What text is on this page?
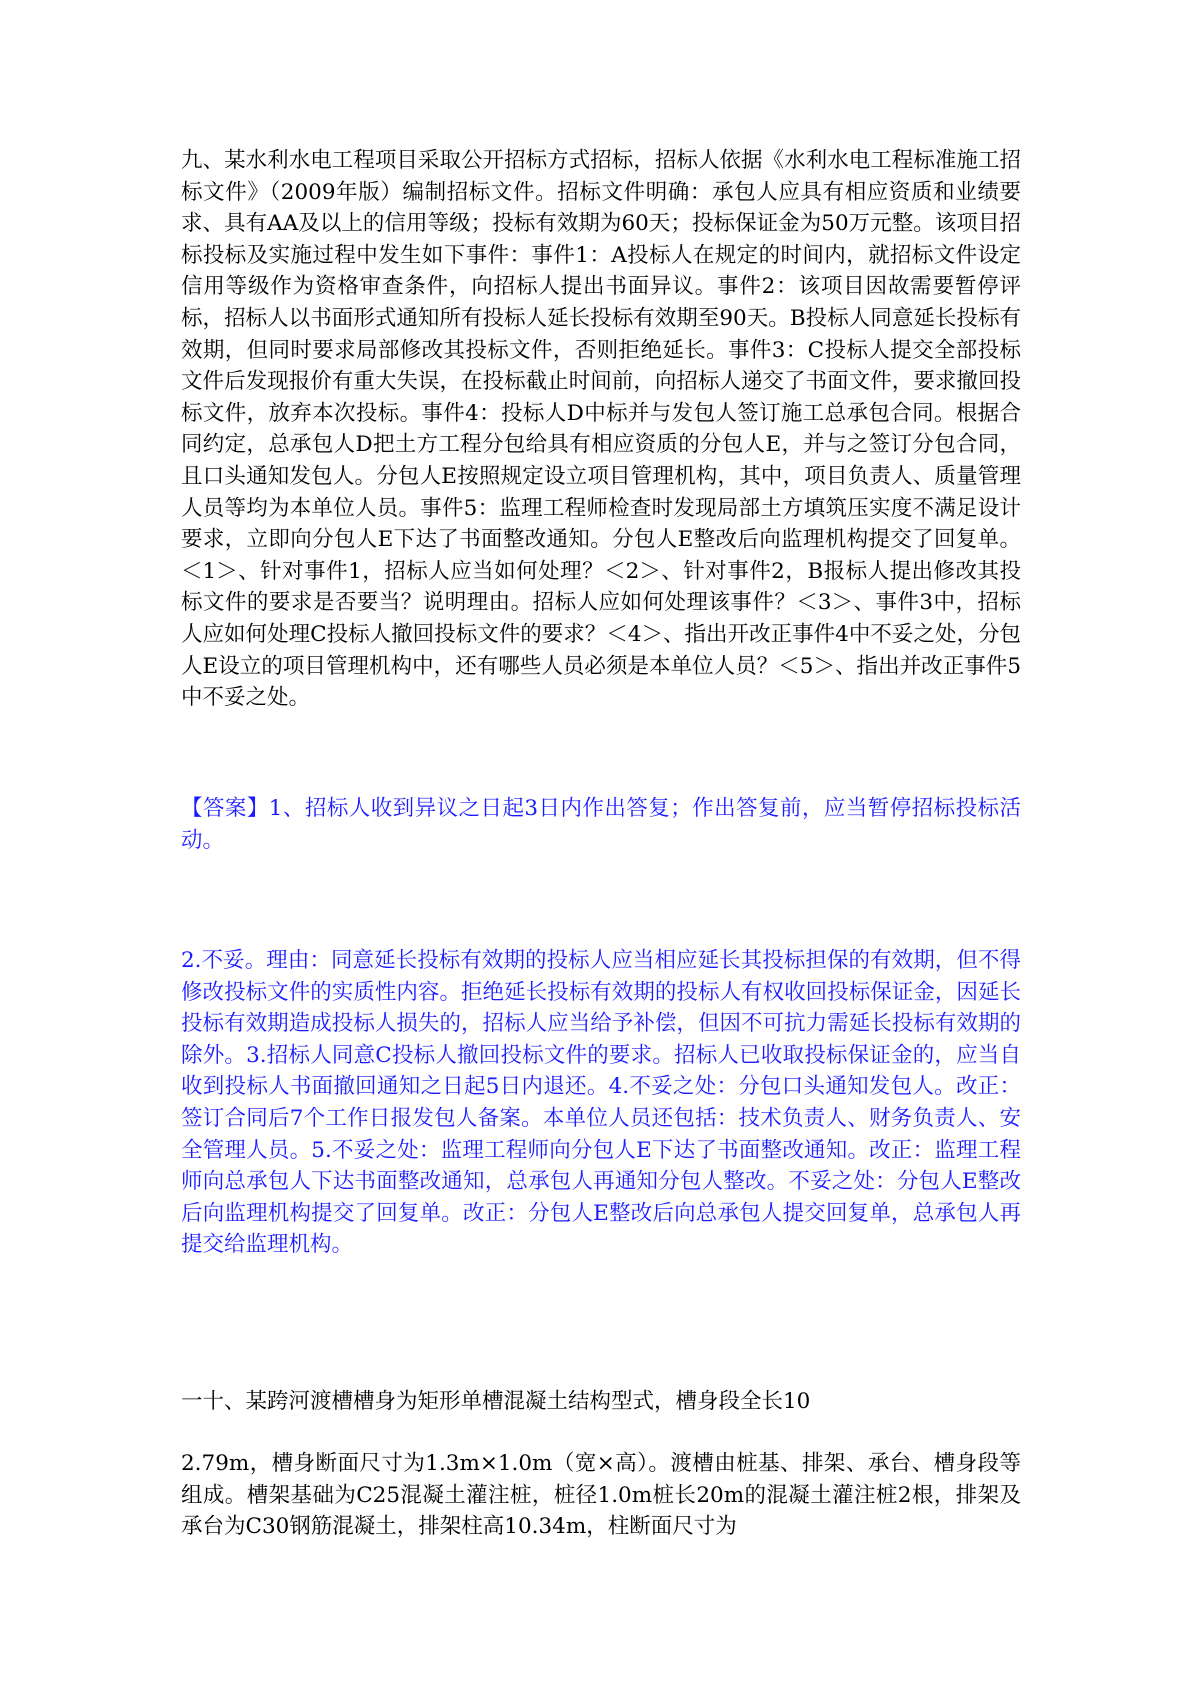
九、某水利水电工程项目采取公开招标方式招标，招标人依据《水利水电工程标准施工招标文件》（2009年版）编制招标文件。招标文件明确：承包人应具有相应资质和业绩要求、具有AA及以上的信用等级；投标有效期为60天；投标保证金为50万元整。该项目招标投标及实施过程中发生如下事件：事件1：A投标人在规定的时间内，就招标文件设定信用等级作为资格审查条件，向招标人提出书面异议。事件2：该项目因故需要暂停评标，招标人以书面形式通知所有投标人延长投标有效期至90天。B投标人同意延长投标有效期，但同时要求局部修改其投标文件，否则拒绝延长。事件3：C投标人提交全部投标文件后发现报价有重大失误，在投标截止时间前，向招标人递交了书面文件，要求撤回投标文件，放弃本次投标。事件4：投标人D中标并与发包人签订施工总承包合同。根据合同约定，总承包人D把土方工程分包给具有相应资质的分包人E，并与之签订分包合同，且口头通知发包人。分包人E按照规定设立项目管理机构，其中，项目负责人、质量管理人员等均为本单位人员。事件5：监理工程师检查时发现局部土方填筑压实度不满足设计要求，立即向分包人E下达了书面整改通知。分包人E整改后向监理机构提交了回复单。＜1＞、针对事件1，招标人应当如何处理？＜2＞、针对事件2，B报标人提出修改其投标文件的要求是否要当？说明理由。招标人应如何处理该事件？＜3＞、事件3中，招标人应如何处理C投标人撤回投标文件的要求？＜4＞、指出开改正事件4中不妥之处，分包人E设立的项目管理机构中，还有哪些人员必须是本单位人员？＜5＞、指出并改正事件5中不妥之处。

【答案】1、招标人收到异议之日起3日内作出答复；作出答复前，应当暂停招标投标活动。

2.不妥。理由：同意延长投标有效期的投标人应当相应延长其投标担保的有效期，但不得修改投标文件的实质性内容。拒绝延长投标有效期的投标人有权收回投标保证金，因延长投标有效期造成投标人损失的，招标人应当给予补偿，但因不可抗力需延长投标有效期的除外。3.招标人同意C投标人撤回投标文件的要求。招标人已收取投标保证金的，应当自收到投标人书面撤回通知之日起5日内退还。4.不妥之处：分包口头通知发包人。改正：签订合同后7个工作日报发包人备案。本单位人员还包括：技术负责人、财务负责人、安全管理人员。5.不妥之处：监理工程师向分包人E下达了书面整改通知。改正：监理工程师向总承包人下达书面整改通知，总承包人再通知分包人整改。不妥之处：分包人E整改后向监理机构提交了回复单。改正：分包人E整改后向总承包人提交回复单，总承包人再提交给监理机构。

一十、某跨河渡槽槽身为矩形单槽混凝土结构型式，槽身段全长10

2.79m，槽身断面尺寸为1.3m×1.0m（宽×高）。渡槽由桩基、排架、承台、槽身段等组成。槽架基础为C25混凝土灌注桩，桩径1.0m桩长20m的混凝土灌注桩2根，排架及承台为C30钢筋混凝土，排架柱高10.34m，柱断面尺寸为
